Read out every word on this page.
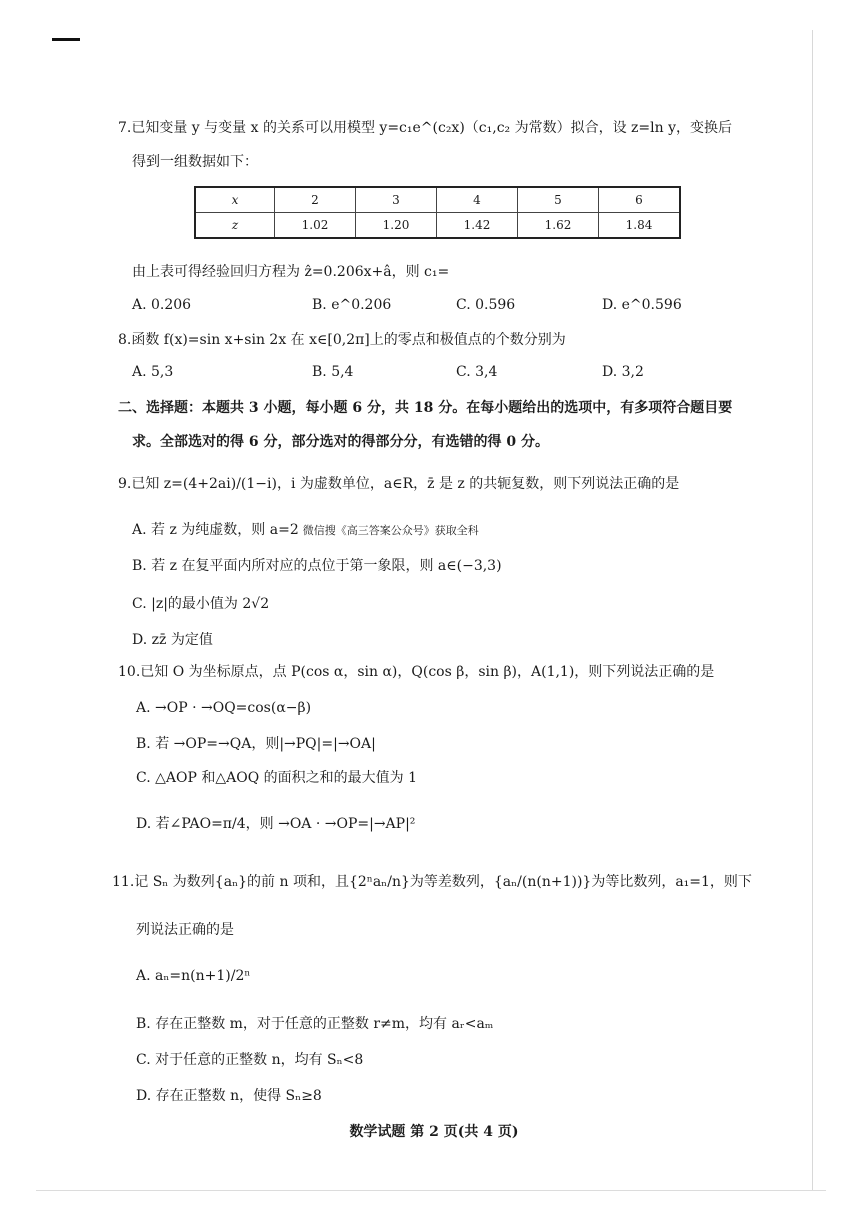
7.已知变量 y 与变量 x 的关系可以用模型 y=c₁e^(c₂x)（c₁,c₂ 为常数）拟合，设 z=ln y，变换后
得到一组数据如下：
x	2	3	4	5	6
z	1.02	1.20	1.42	1.62	1.84
由上表可得经验回归方程为 ẑ=0.206x+â，则 c₁=
A. 0.206	B. e^0.206	C. 0.596	D. e^0.596
8.函数 f(x)=sin x+sin 2x 在 x∈[0,2π]上的零点和极值点的个数分别为
A. 5,3	B. 5,4	C. 3,4	D. 3,2
二、选择题：本题共 3 小题，每小题 6 分，共 18 分。在每小题给出的选项中，有多项符合题目要
求。全部选对的得 6 分，部分选对的得部分分，有选错的得 0 分。
9.已知 z=(4+2ai)/(1−i)，i 为虚数单位，a∈R，z̄ 是 z 的共轭复数，则下列说法正确的是
A. 若 z 为纯虚数，则 a=2 微信搜《高三答案公众号》获取全科
B. 若 z 在复平面内所对应的点位于第一象限，则 a∈(−3,3)
C. |z|的最小值为 2√2
D. zz̄ 为定值
10.已知 O 为坐标原点，点 P(cos α，sin α)，Q(cos β，sin β)，A(1,1)，则下列说法正确的是
A. →OP · →OQ=cos(α−β)
B. 若 →OP=→QA，则|→PQ|=|→OA|
C. △AOP 和△AOQ 的面积之和的最大值为 1
D. 若∠PAO=π/4，则 →OA · →OP=|→AP|²
11.记 Sₙ 为数列{aₙ}的前 n 项和，且{2ⁿaₙ/n}为等差数列，{aₙ/(n(n+1))}为等比数列，a₁=1，则下
列说法正确的是
A. aₙ=n(n+1)/2ⁿ
B. 存在正整数 m，对于任意的正整数 r≠m，均有 aᵣ<aₘ
C. 对于任意的正整数 n，均有 Sₙ<8
D. 存在正整数 n，使得 Sₙ≥8
数学试题 第 2 页(共 4 页)
